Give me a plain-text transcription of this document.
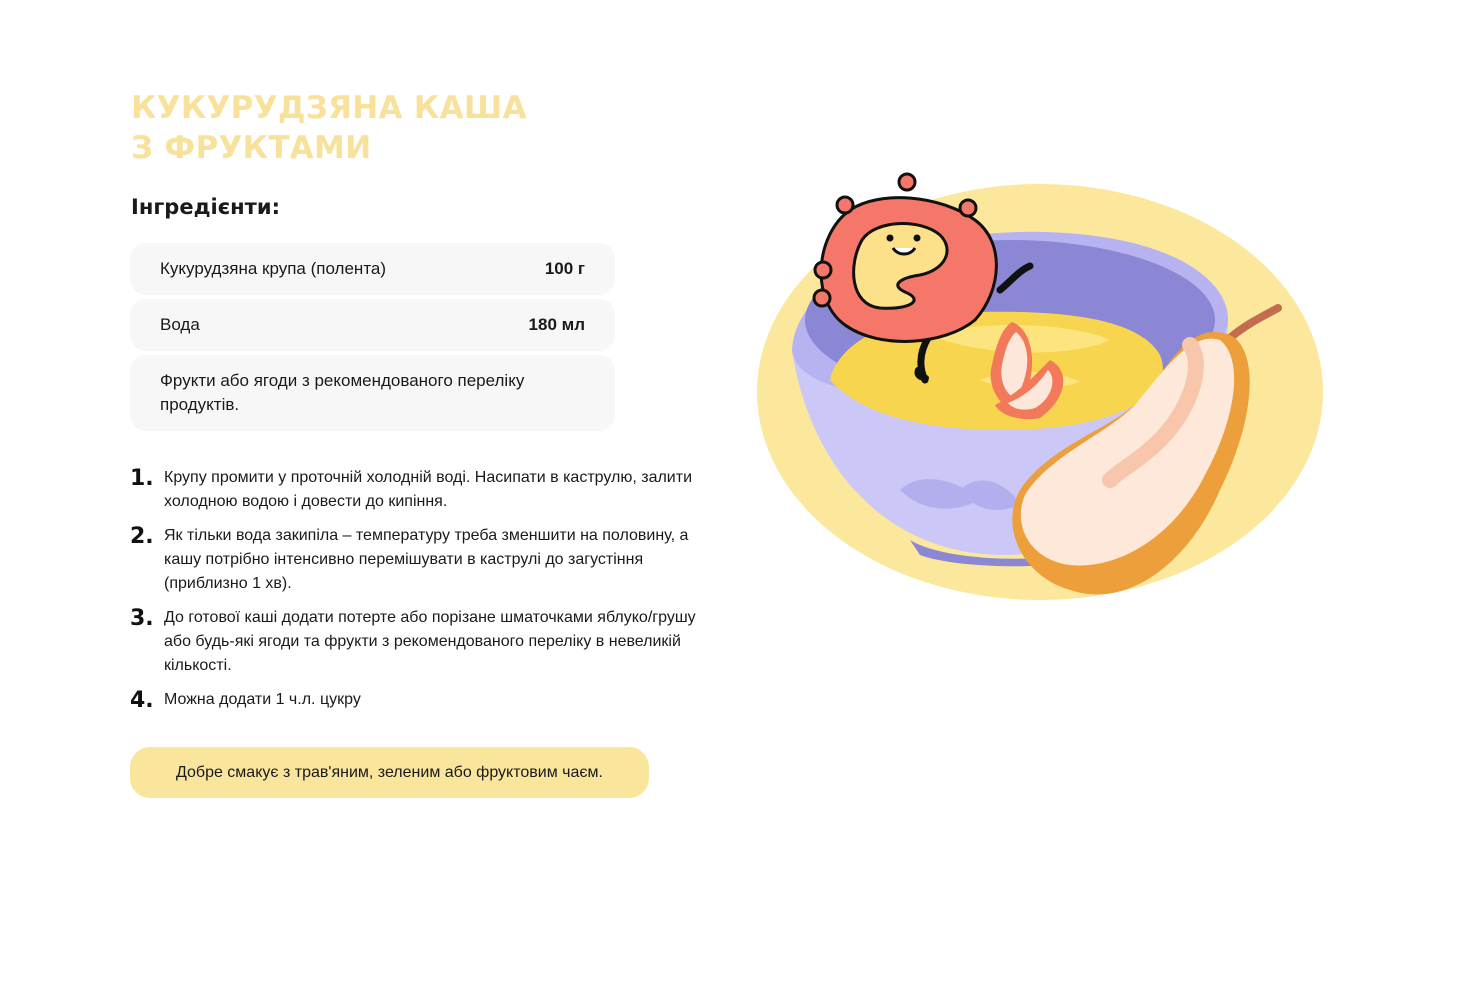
КУКУРУДЗЯНА КАША
З ФРУКТАМИ
Інгредієнти:
Кукурудзяна крупа (полента)	100 г
Вода	180 мл
Фрукти або ягоди з рекомендованого переліку продуктів.
1. Крупу промити у проточній холодній воді. Насипати в каструлю, залити холодною водою і довести до кипіння.
2. Як тільки вода закипіла – температуру треба зменшити на половину, а кашу потрібно інтенсивно перемішувати в каструлі до загустіння (приблизно 1 хв).
3. До готової каші додати потерте або порізане шматочками яблуко/грушу або будь-які ягоди та фрукти з рекомендованого переліку в невеликій кількості.
4. Можна додати 1 ч.л. цукру
Добре смакує з трав'яним, зеленим або фруктовим чаєм.
